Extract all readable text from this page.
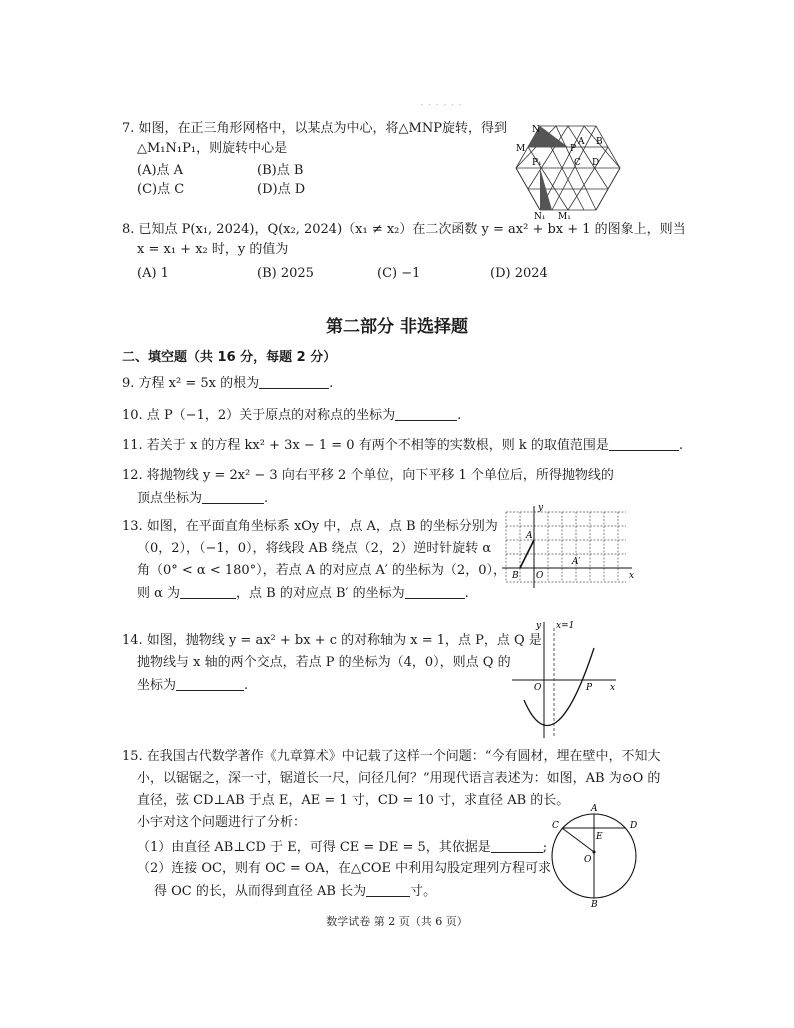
· · · · · ·
7. 如图，在正三角形网格中，以某点为中心，将△MNP旋转，得到
△M₁N₁P₁，则旋转中心是
(A)点 A	(B)点 B
(C)点 C	(D)点 D
N
M	P
A B
C D
P₁
N₁ M₁
8. 已知点 P(x₁, 2024)，Q(x₂, 2024)（x₁ ≠ x₂）在二次函数 y = ax² + bx + 1 的图象上，则当
x = x₁ + x₂ 时，y 的值为
(A) 1	(B) 2025	(C) −1	(D) 2024
第二部分 非选择题
二、填空题（共 16 分，每题 2 分）
9. 方程 x² = 5x 的根为	.
10. 点 P（−1，2）关于原点的对称点的坐标为	.
11. 若关于 x 的方程 kx² + 3x − 1 = 0 有两个不相等的实数根，则 k 的取值范围是	.
12. 将抛物线 y = 2x² − 3 向右平移 2 个单位，向下平移 1 个单位后，所得抛物线的
顶点坐标为	.
13. 如图，在平面直角坐标系 xOy 中，点 A，点 B 的坐标分别为
（0，2），（−1，0），将线段 AB 绕点（2，2）逆时针旋转 α
角（0° < α < 180°），若点 A 的对应点 A′ 的坐标为（2，0），
则 α 为	，点 B 的对应点 B′ 的坐标为	.
y
x
A
B O
A′
14. 如图，抛物线 y = ax² + bx + c 的对称轴为 x = 1，点 P，点 Q 是
抛物线与 x 轴的两个交点，若点 P 的坐标为（4，0），则点 Q 的
坐标为	.
y x=1
O	P x
15. 在我国古代数学著作《九章算术》中记载了这样一个问题：“今有圆材，埋在壁中，不知大
小，以锯锯之，深一寸，锯道长一尺，问径几何？”用现代语言表述为：如图，AB 为⊙O 的
直径，弦 CD⊥AB 于点 E，AE = 1 寸，CD = 10 寸，求直径 AB 的长。
小宇对这个问题进行了分析：
（1）由直径 AB⊥CD 于 E，可得 CE = DE = 5，其依据是	;
（2）连接 OC，则有 OC = OA，在△COE 中利用勾股定理列方程可求
得 OC 的长，从而得到直径 AB 长为	寸。
A
C
E
D
O
B
数学试卷 第 2 页（共 6 页）
